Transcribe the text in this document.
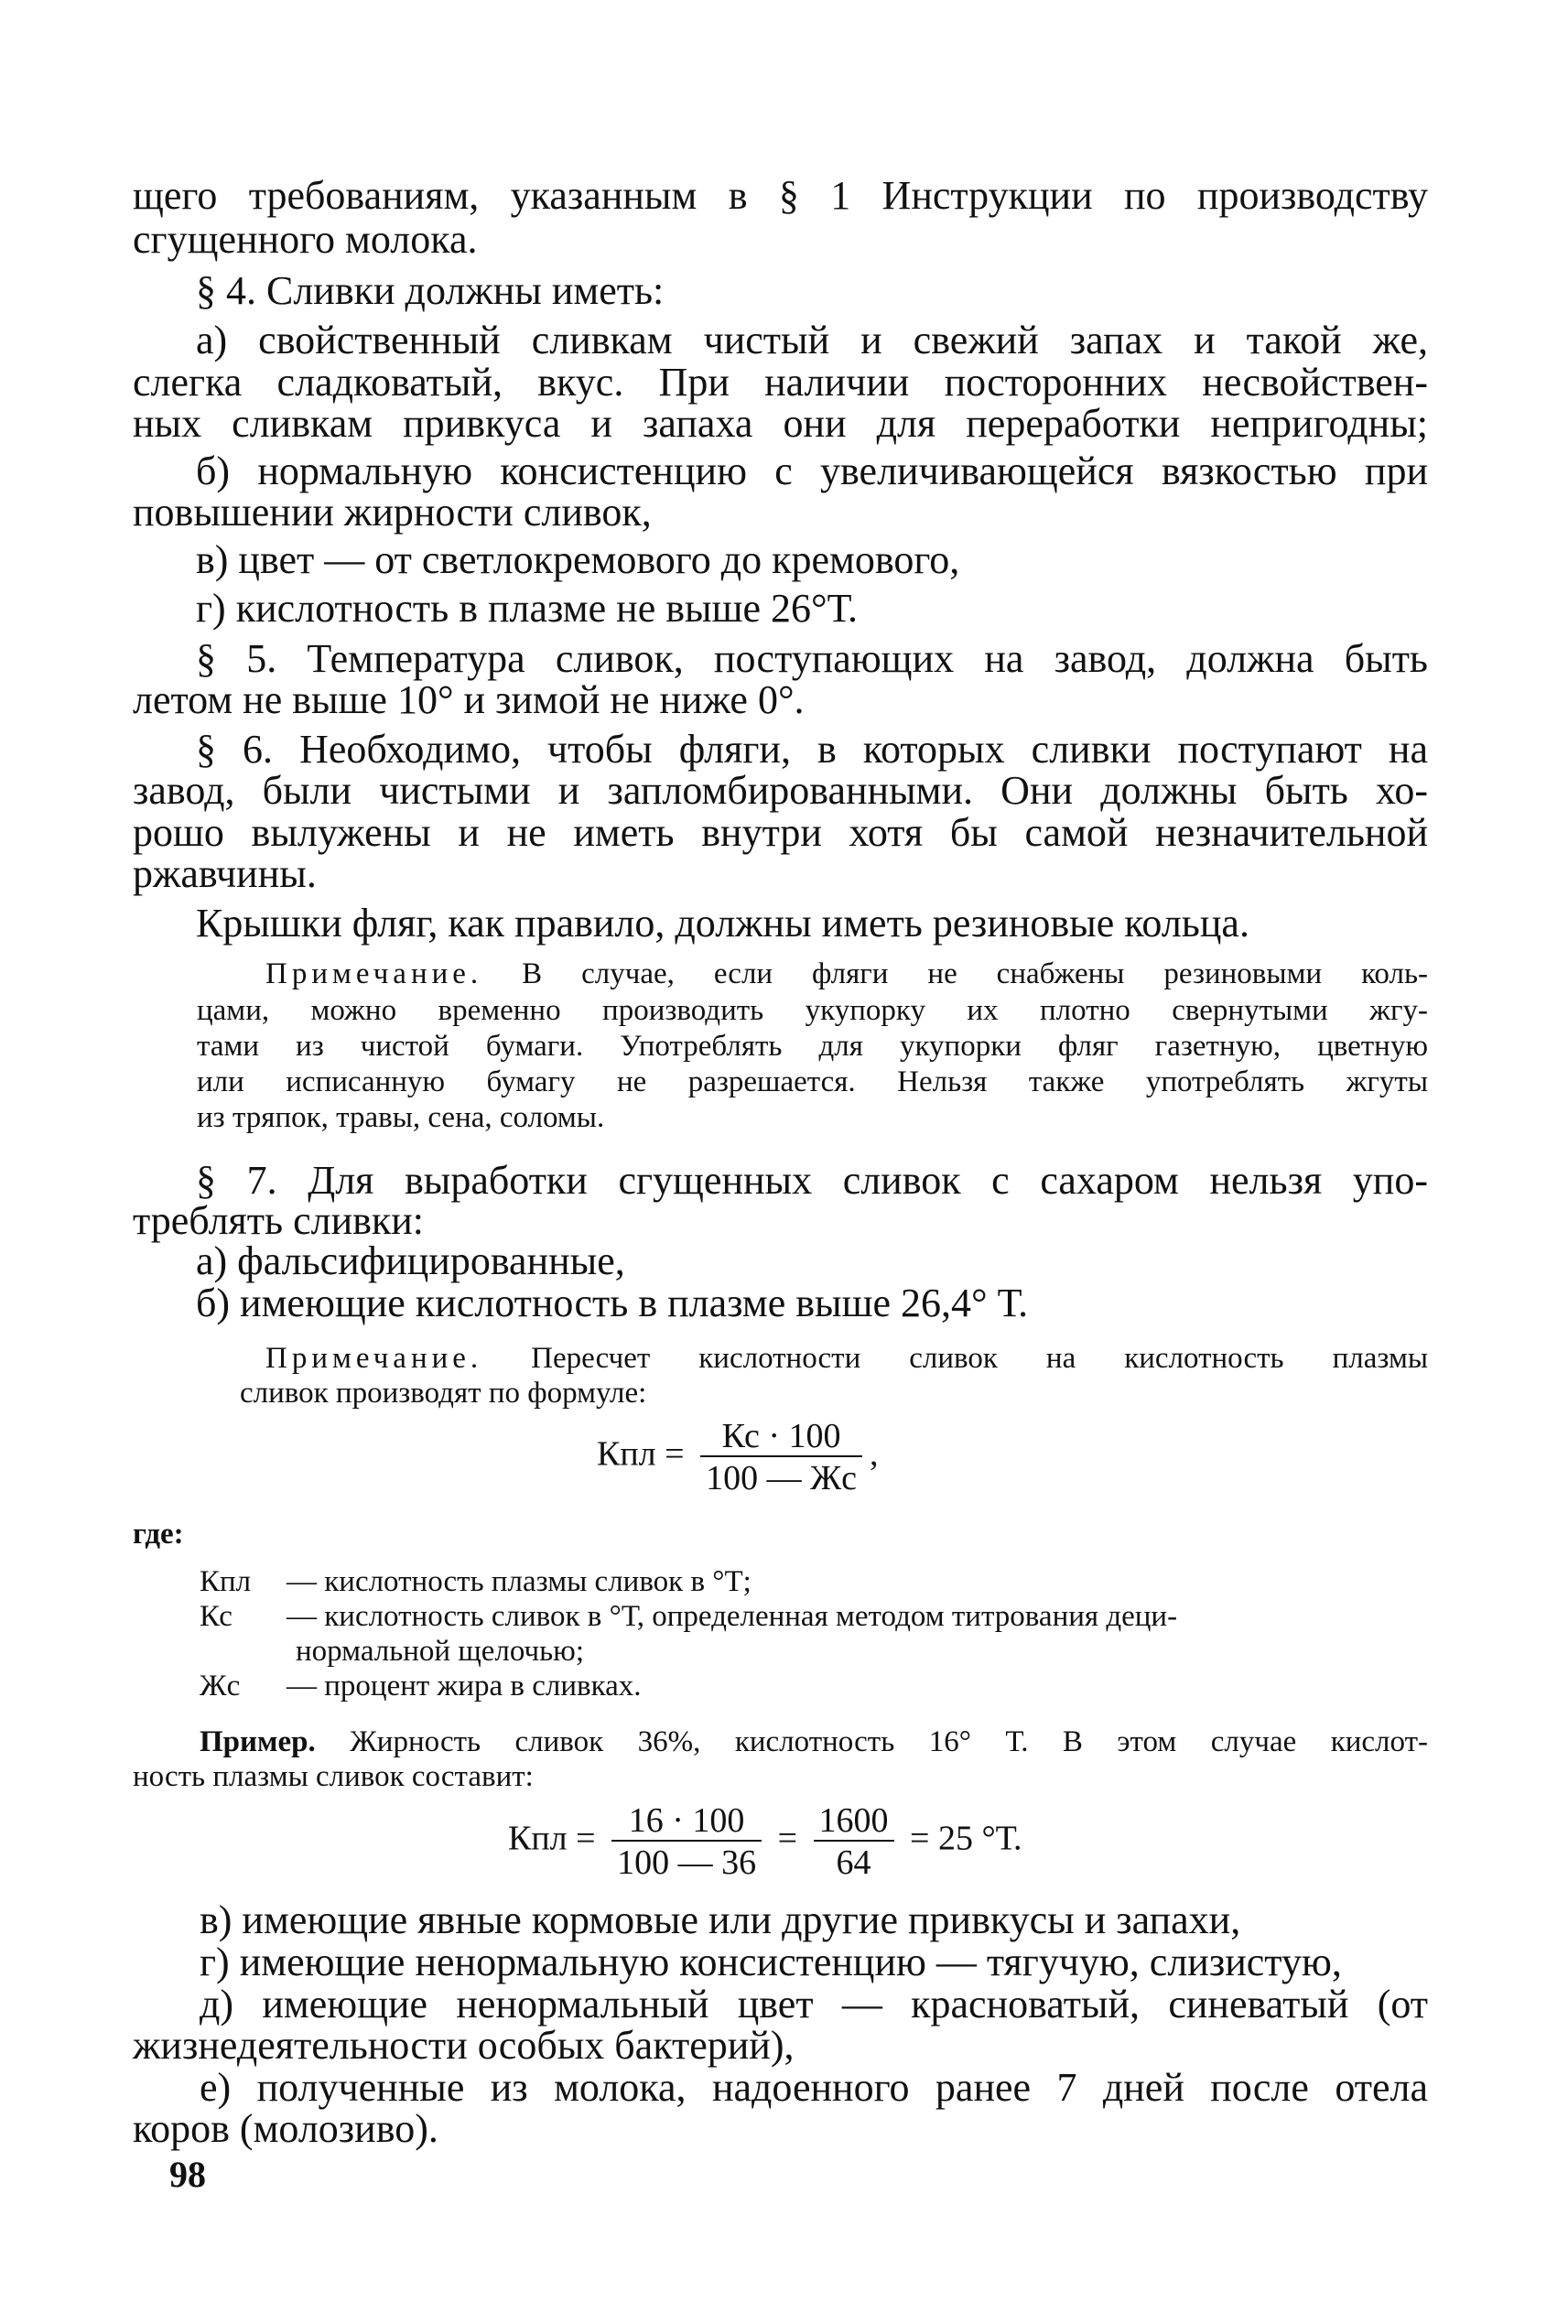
щего требованиям, указанным в § 1 Инструкции по производству
сгущенного молока.
§ 4. Сливки должны иметь:
а) свойственный сливкам чистый и свежий запах и такой же,
слегка сладковатый, вкус. При наличии посторонних несвойствен-
ных сливкам привкуса и запаха они для переработки непригодны;
б) нормальную консистенцию с увеличивающейся вязкостью при
повышении жирности сливок,
в) цвет — от светлокремового до кремового,
г) кислотность в плазме не выше 26°Т.
§ 5. Температура сливок, поступающих на завод, должна быть
летом не выше 10° и зимой не ниже 0°.
§ 6. Необходимо, чтобы фляги, в которых сливки поступают на
завод, были чистыми и запломбированными. Они должны быть хо-
рошо вылужены и не иметь внутри хотя бы самой незначительной
ржавчины.
Крышки фляг, как правило, должны иметь резиновые кольца.
Примечание. В случае, если фляги не снабжены резиновыми коль-
цами, можно временно производить укупорку их плотно свернутыми жгу-
тами из чистой бумаги. Употреблять для укупорки фляг газетную, цветную
или исписанную бумагу не разрешается. Нельзя также употреблять жгуты
из тряпок, травы, сена, соломы.
§ 7. Для выработки сгущенных сливок с сахаром нельзя упо-
треблять сливки:
а) фальсифицированные,
б) имеющие кислотность в плазме выше 26,4° Т.
Примечание. Пересчет кислотности сливок на кислотность плазмы
сливок производят по формуле:
Кпл = $\frac{Кс \cdot 100}{100 — Жс}$ ,
где:
Кпл — кислотность плазмы сливок в °Т;
Кс — кислотность сливок в °Т, определенная методом титрования деци-
нормальной щелочью;
Жс — процент жира в сливках.
Пример. Жирность сливок 36%, кислотность 16° Т. В этом случае кислот-
ность плазмы сливок составит:
Кпл = $\frac{16 \cdot 100}{100 — 36} = \frac{1600}{64} = 25$ °Т.
в) имеющие явные кормовые или другие привкусы и запахи,
г) имеющие ненормальную консистенцию — тягучую, слизистую,
д) имеющие ненормальный цвет — красноватый, синеватый (от
жизнедеятельности особых бактерий),
е) полученные из молока, надоенного ранее 7 дней после отела
коров (молозиво).
98
